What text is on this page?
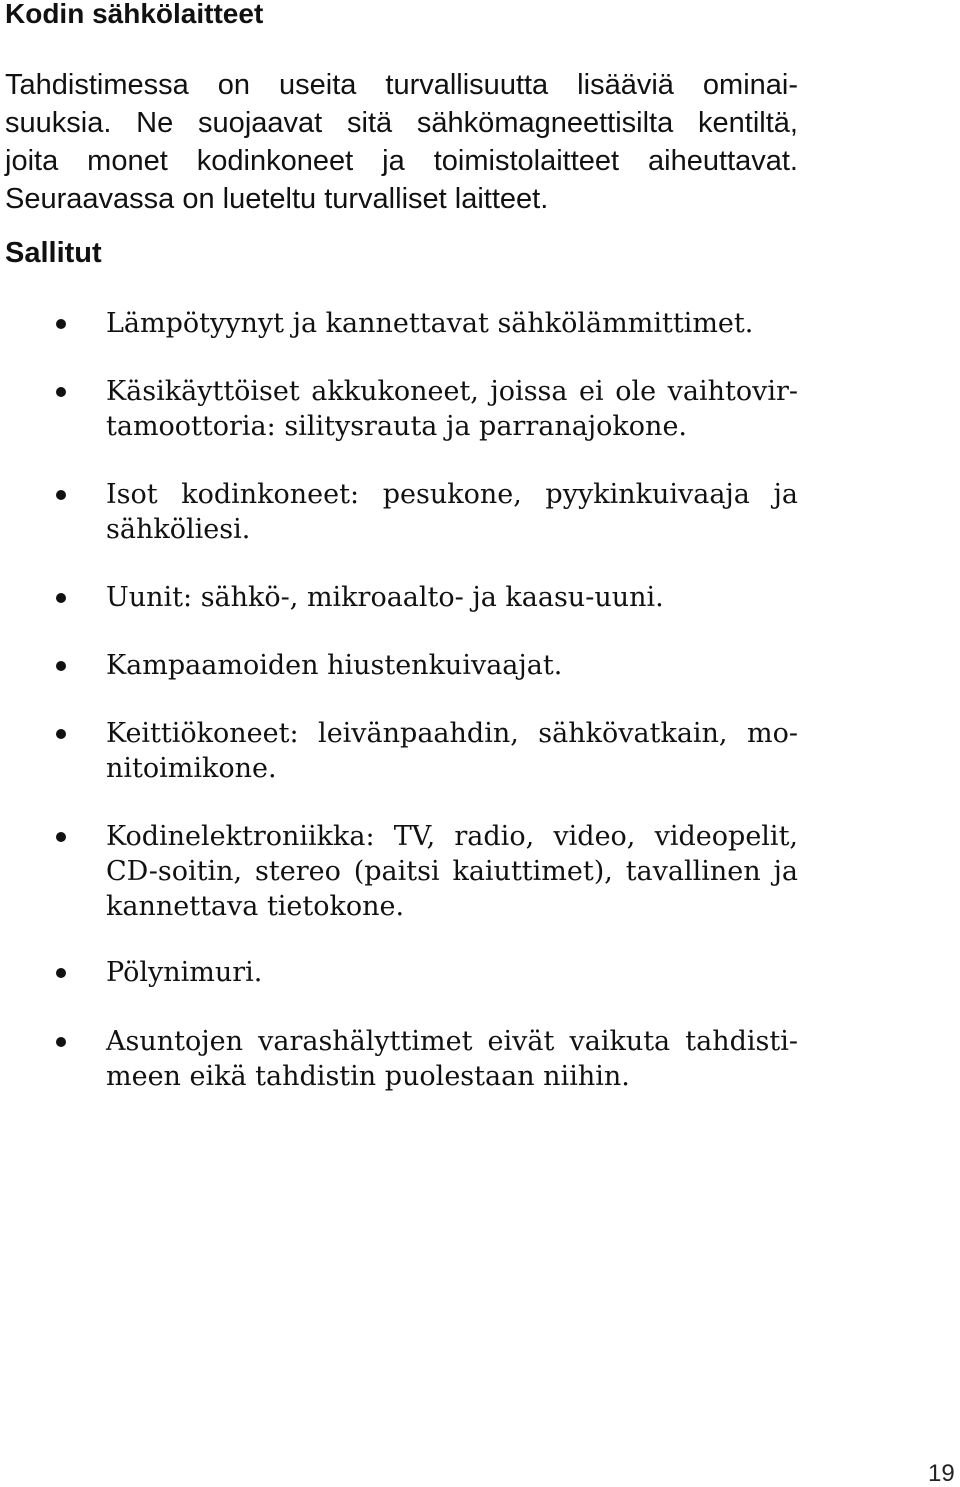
Kodin sähkölaitteet

Tahdistimessa on useita turvallisuutta lisääviä ominai-
suuksia. Ne suojaavat sitä sähkömagneettisilta kentiltä,
joita monet kodinkoneet ja toimistolaitteet aiheuttavat.
Seuraavassa on lueteltu turvalliset laitteet.

Sallitut
Lämpötyynyt ja kannettavat sähkölämmittimet.
Käsikäyttöiset akkukoneet, joissa ei ole vaihtovir-
tamoottoria: silitysrauta ja parranajokone.
Isot kodinkoneet: pesukone, pyykinkuivaaja ja
sähköliesi.
Uunit: sähkö-, mikroaalto- ja kaasu-uuni.
Kampaamoiden hiustenkuivaajat.
Keittiökoneet: leivänpaahdin, sähkövatkain, mo-
nitoimikone.
Kodinelektroniikka: TV, radio, video, videopelit,
CD-soitin, stereo (paitsi kaiuttimet), tavallinen ja
kannettava tietokone.
Pölynimuri.
Asuntojen varashälyttimet eivät vaikuta tahdisti-
meen eikä tahdistin puolestaan niihin.
19
